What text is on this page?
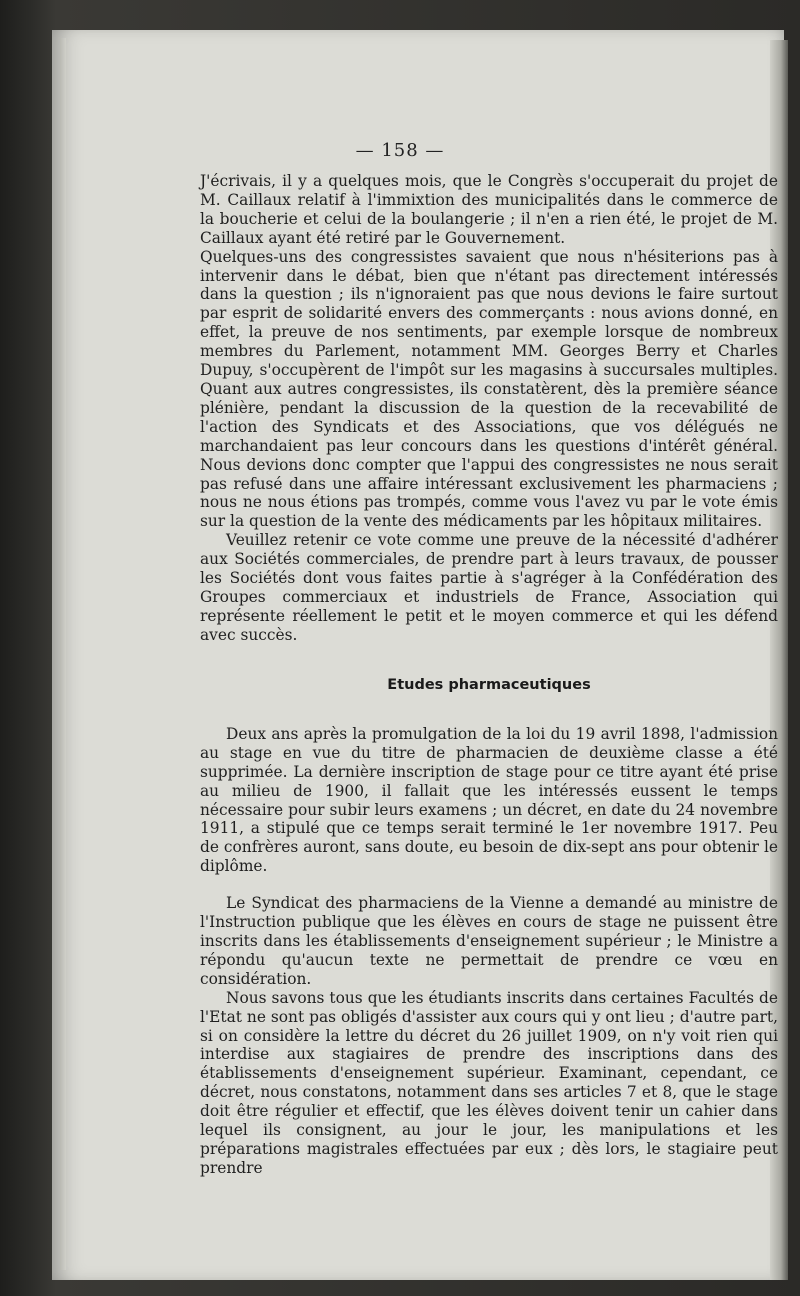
— 158 —

J'écrivais, il y a quelques mois, que le Congrès s'occuperait du projet de M. Caillaux relatif à l'immixtion des municipalités dans le commerce de la boucherie et celui de la boulangerie ; il n'en a rien été, le projet de M. Caillaux ayant été retiré par le Gouvernement.

Quelques-uns des congressistes savaient que nous n'hésiterions pas à intervenir dans le débat, bien que n'étant pas directement intéressés dans la question ; ils n'ignoraient pas que nous devions le faire surtout par esprit de solidarité envers des commerçants : nous avions donné, en effet, la preuve de nos sentiments, par exemple lorsque de nombreux membres du Parlement, notamment MM. Georges Berry et Charles Dupuy, s'occupèrent de l'impôt sur les magasins à succursales multiples. Quant aux autres congressistes, ils constatèrent, dès la première séance plénière, pendant la discussion de la question de la recevabilité de l'action des Syndicats et des Associations, que vos délégués ne marchandaient pas leur concours dans les questions d'intérêt général. Nous devions donc compter que l'appui des congressistes ne nous serait pas refusé dans une affaire intéressant exclusivement les pharmaciens ; nous ne nous étions pas trompés, comme vous l'avez vu par le vote émis sur la question de la vente des médicaments par les hôpitaux militaires.

Veuillez retenir ce vote comme une preuve de la nécessité d'adhérer aux Sociétés commerciales, de prendre part à leurs travaux, de pousser les Sociétés dont vous faites partie à s'agréger à la Confédération des Groupes commerciaux et industriels de France, Association qui représente réellement le petit et le moyen commerce et qui les défend avec succès.

Etudes pharmaceutiques

Deux ans après la promulgation de la loi du 19 avril 1898, l'admission au stage en vue du titre de pharmacien de deuxième classe a été supprimée. La dernière inscription de stage pour ce titre ayant été prise au milieu de 1900, il fallait que les intéressés eussent le temps nécessaire pour subir leurs examens ; un décret, en date du 24 novembre 1911, a stipulé que ce temps serait terminé le 1er novembre 1917. Peu de confrères auront, sans doute, eu besoin de dix-sept ans pour obtenir le diplôme.

Le Syndicat des pharmaciens de la Vienne a demandé au ministre de l'Instruction publique que les élèves en cours de stage ne puissent être inscrits dans les établissements d'enseignement supérieur ; le Ministre a répondu qu'aucun texte ne permettait de prendre ce vœu en considération.

Nous savons tous que les étudiants inscrits dans certaines Facultés de l'Etat ne sont pas obligés d'assister aux cours qui y ont lieu ; d'autre part, si on considère la lettre du décret du 26 juillet 1909, on n'y voit rien qui interdise aux stagiaires de prendre des inscriptions dans des établissements d'enseignement supérieur. Examinant, cependant, ce décret, nous constatons, notamment dans ses articles 7 et 8, que le stage doit être régulier et effectif, que les élèves doivent tenir un cahier dans lequel ils consignent, au jour le jour, les manipulations et les préparations magistrales effectuées par eux ; dès lors, le stagiaire peut prendre
